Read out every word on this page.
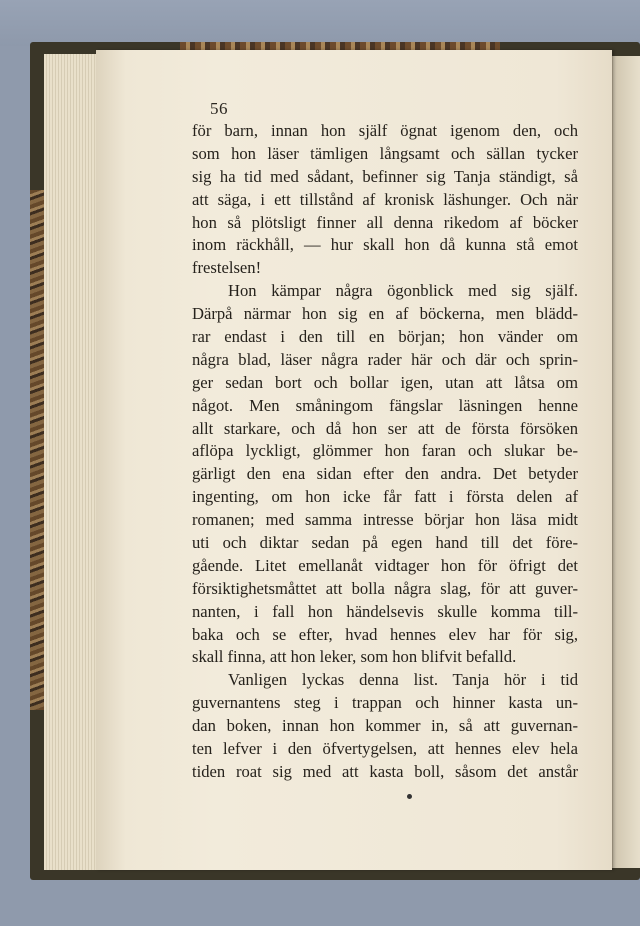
56
för barn, innan hon själf ögnat igenom den, och
som hon läser tämligen långsamt och sällan tycker
sig ha tid med sådant, befinner sig Tanja ständigt, så
att säga, i ett tillstånd af kronisk läshunger. Och när
hon så plötsligt finner all denna rikedom af böcker
inom räckhåll, — hur skall hon då kunna stå emot
frestelsen!
Hon kämpar några ögonblick med sig själf.
Därpå närmar hon sig en af böckerna, men blädd-
rar endast i den till en början; hon vänder om
några blad, läser några rader här och där och sprin-
ger sedan bort och bollar igen, utan att låtsa om
något. Men småningom fängslar läsningen henne
allt starkare, och då hon ser att de första försöken
aflöpa lyckligt, glömmer hon faran och slukar be-
gärligt den ena sidan efter den andra. Det betyder
ingenting, om hon icke får fatt i första delen af
romanen; med samma intresse börjar hon läsa midt
uti och diktar sedan på egen hand till det före-
gående. Litet emellanåt vidtager hon för öfrigt det
försiktighetsmåttet att bolla några slag, för att guver-
nanten, i fall hon händelsevis skulle komma till-
baka och se efter, hvad hennes elev har för sig,
skall finna, att hon leker, som hon blifvit befalld.
Vanligen lyckas denna list. Tanja hör i tid
guvernantens steg i trappan och hinner kasta un-
dan boken, innan hon kommer in, så att guvernan-
ten lefver i den öfvertygelsen, att hennes elev hela
tiden roat sig med att kasta boll, såsom det anstår
